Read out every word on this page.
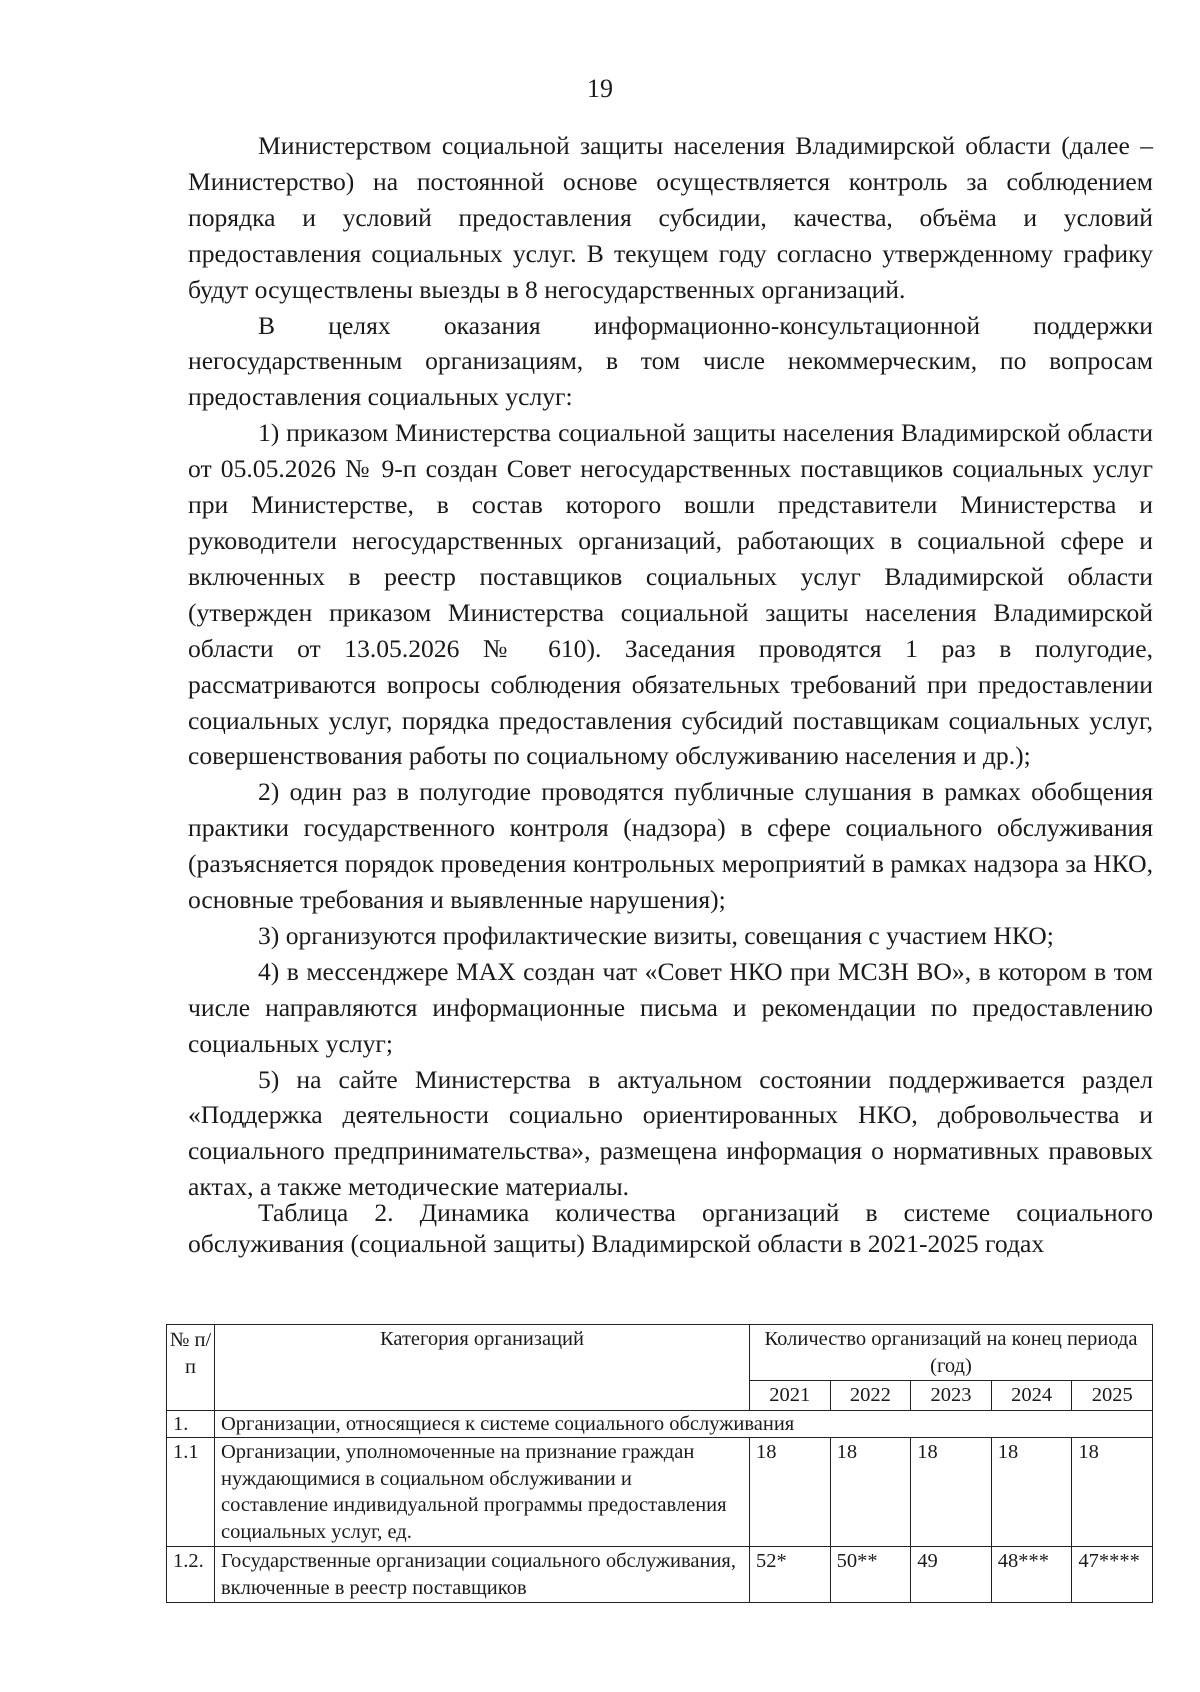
19

Министерством социальной защиты населения Владимирской области (далее – Министерство) на постоянной основе осуществляется контроль за соблюдением порядка и условий предоставления субсидии, качества, объёма и условий предоставления социальных услуг. В текущем году согласно утвержденному графику будут осуществлены выезды в 8 негосударственных организаций.

В целях оказания информационно-консультационной поддержки негосударственным организациям, в том числе некоммерческим, по вопросам предоставления социальных услуг:

1) приказом Министерства социальной защиты населения Владимирской области от 05.05.2026 № 9-п создан Совет негосударственных поставщиков социальных услуг при Министерстве, в состав которого вошли представители Министерства и руководители негосударственных организаций, работающих в социальной сфере и включенных в реестр поставщиков социальных услуг Владимирской области (утвержден приказом Министерства социальной защиты населения Владимирской области от 13.05.2026 № 610). Заседания проводятся 1 раз в полугодие, рассматриваются вопросы соблюдения обязательных требований при предоставлении социальных услуг, порядка предоставления субсидий поставщикам социальных услуг, совершенствования работы по социальному обслуживанию населения и др.);

2) один раз в полугодие проводятся публичные слушания в рамках обобщения практики государственного контроля (надзора) в сфере социального обслуживания (разъясняется порядок проведения контрольных мероприятий в рамках надзора за НКО, основные требования и выявленные нарушения);

3) организуются профилактические визиты, совещания с участием НКО;

4) в мессенджере МАХ создан чат «Совет НКО при МСЗН ВО», в котором в том числе направляются информационные письма и рекомендации по предоставлению социальных услуг;

5) на сайте Министерства в актуальном состоянии поддерживается раздел «Поддержка деятельности социально ориентированных НКО, добровольчества и социального предпринимательства», размещена информация о нормативных правовых актах, а также методические материалы.

Таблица 2. Динамика количества организаций в системе социального обслуживания (социальной защиты) Владимирской области в 2021-2025 годах

№ п/п	Категория организаций	Количество организаций на конец периода (год)				
		2021	2022	2023	2024	2025
1.	Организации, относящиеся к системе социального обслуживания					
1.1	Организации, уполномоченные на признание граждан нуждающимися в социальном обслуживании и составление индивидуальной программы предоставления социальных услуг, ед.	18	18	18	18	18
1.2.	Государственные организации социального обслуживания, включенные в реестр поставщиков	52*	50**	49	48***	47****
